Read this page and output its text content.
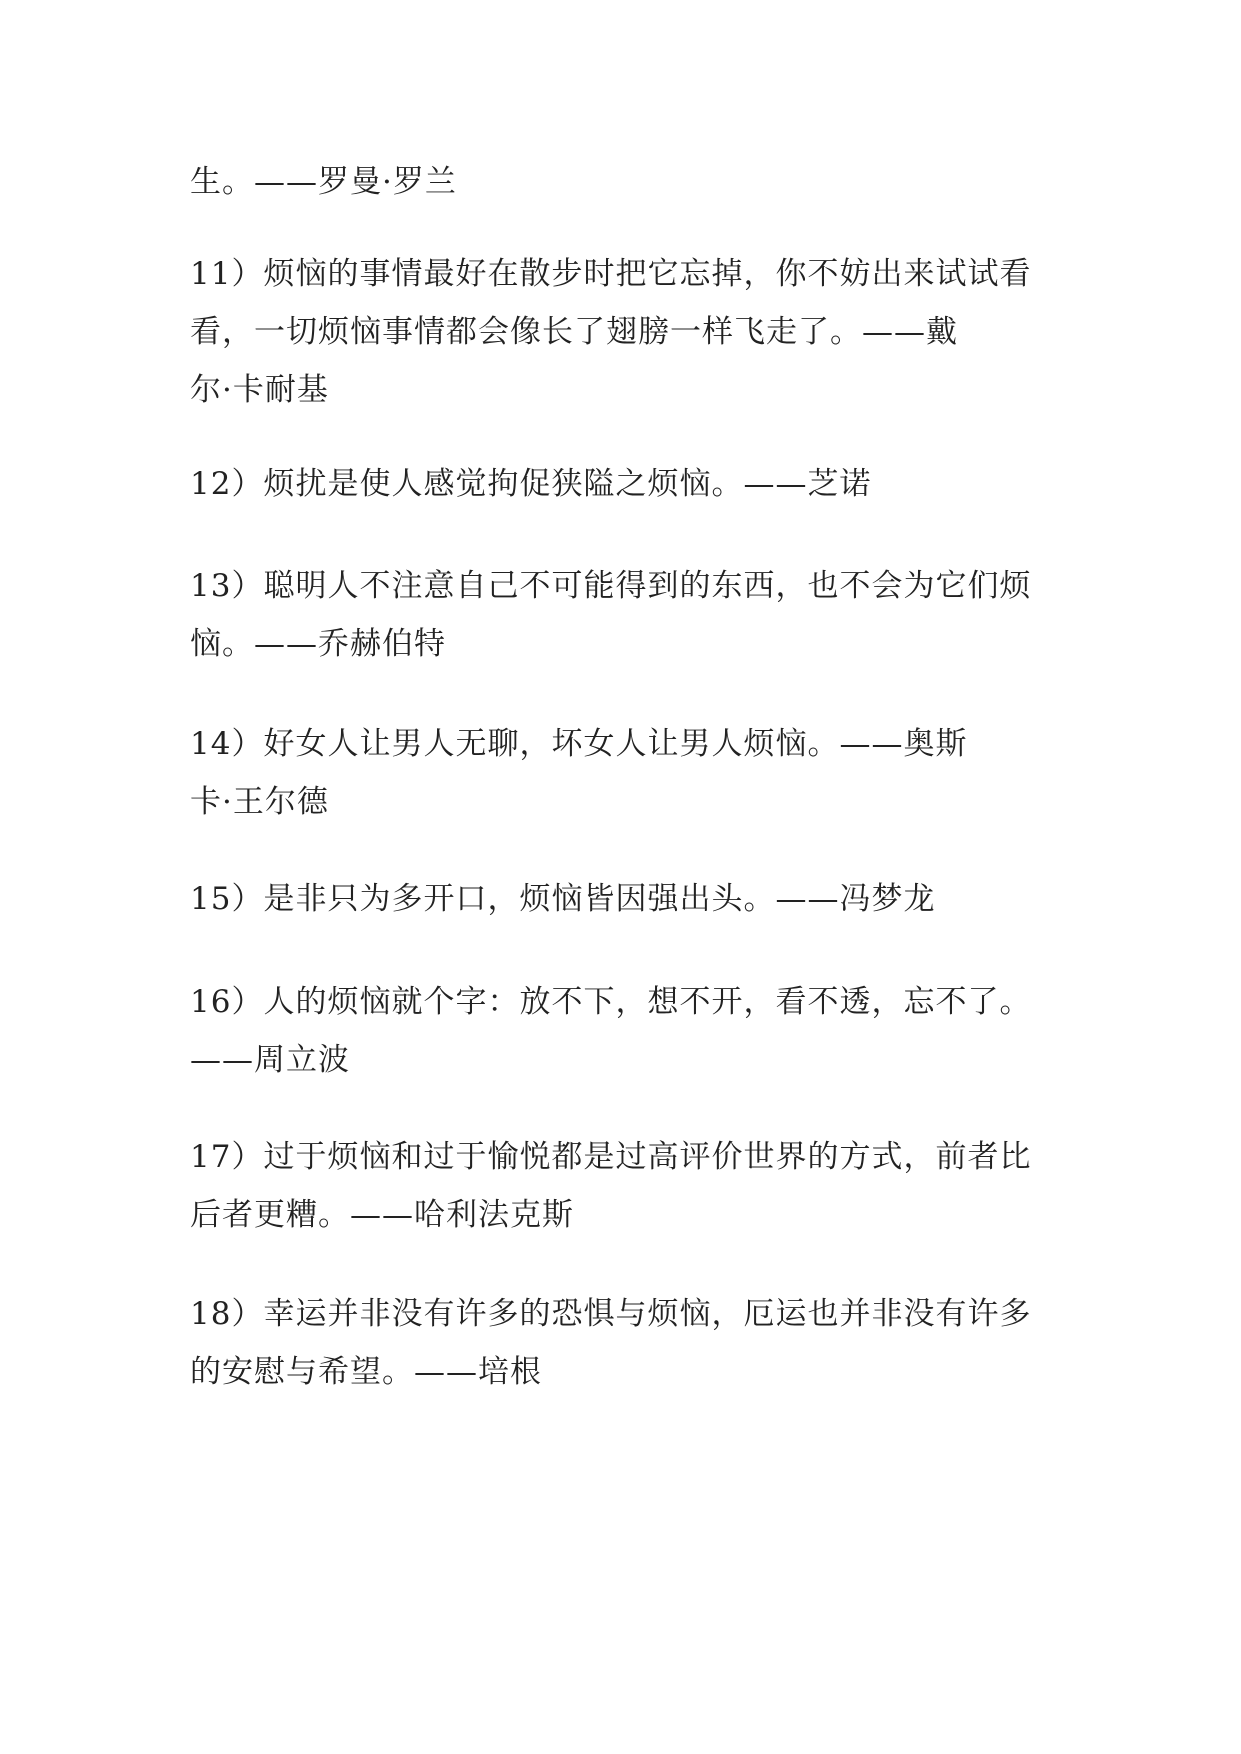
生。——罗曼·罗兰
11）烦恼的事情最好在散步时把它忘掉，你不妨出来试试看
看，一切烦恼事情都会像长了翅膀一样飞走了。——戴
尔·卡耐基
12）烦扰是使人感觉拘促狭隘之烦恼。——芝诺
13）聪明人不注意自己不可能得到的东西，也不会为它们烦
恼。——乔赫伯特
14）好女人让男人无聊，坏女人让男人烦恼。——奥斯
卡·王尔德
15）是非只为多开口，烦恼皆因强出头。——冯梦龙
16）人的烦恼就个字：放不下，想不开，看不透，忘不了。
——周立波
17）过于烦恼和过于愉悦都是过高评价世界的方式，前者比
后者更糟。——哈利法克斯
18）幸运并非没有许多的恐惧与烦恼，厄运也并非没有许多
的安慰与希望。——培根
